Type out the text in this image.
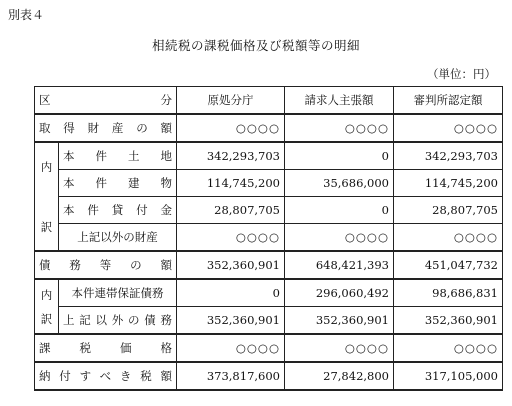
別表４
相続税の課税価格及び税額等の明細
（単位：円）
区　　　分		原処分庁	請求人主張額	審判所認定額
取得財産の額		○○○○	○○○○	○○○○

内
訳	本件土地	342,293,703	0	342,293,703
	本件建物	114,745,200	35,686,000	114,745,200
	本件貸付金	28,807,705	0	28,807,705
	上記以外の財産	○○○○	○○○○	○○○○
債務等の額		352,360,901	648,421,393	451,047,732

内
訳	本件連帯保証債務	0	296,060,492	98,686,831
	上記以外の債務	352,360,901	352,360,901	352,360,901
課税価格		○○○○	○○○○	○○○○
納付すべき税額		373,817,600	27,842,800	317,105,000
